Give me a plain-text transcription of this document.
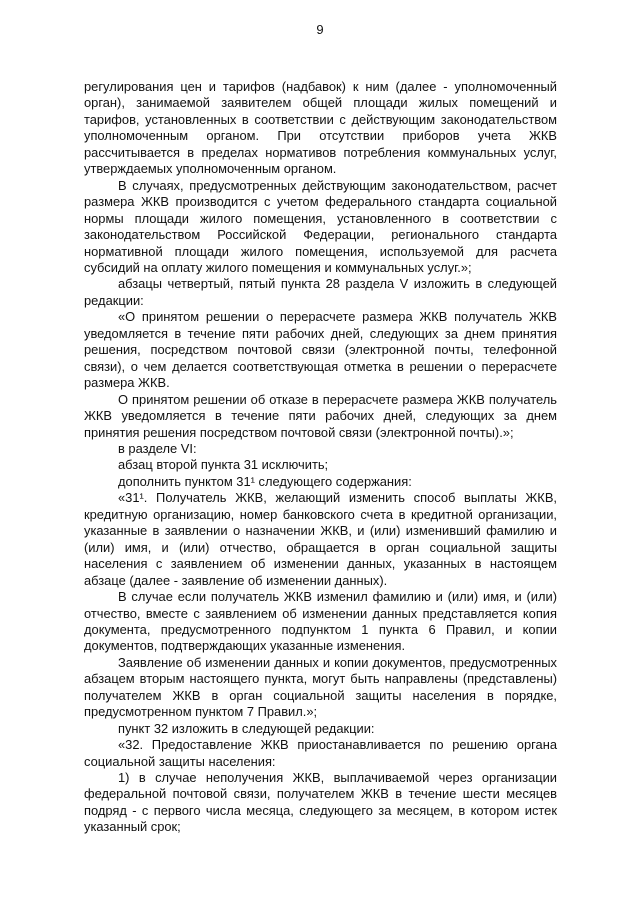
9

регулирования цен и тарифов (надбавок) к ним (далее - уполномоченный орган), занимаемой заявителем общей площади жилых помещений и тарифов, установленных в соответствии с действующим законодательством уполномоченным органом. При отсутствии приборов учета ЖКВ рассчитывается в пределах нормативов потребления коммунальных услуг, утверждаемых уполномоченным органом.

В случаях, предусмотренных действующим законодательством, расчет размера ЖКВ производится с учетом федерального стандарта социальной нормы площади жилого помещения, установленного в соответствии с законодательством Российской Федерации, регионального стандарта нормативной площади жилого помещения, используемой для расчета субсидий на оплату жилого помещения и коммунальных услуг.»;

абзацы четвертый, пятый пункта 28 раздела V изложить в следующей редакции:

«О принятом решении о перерасчете размера ЖКВ получатель ЖКВ уведомляется в течение пяти рабочих дней, следующих за днем принятия решения, посредством почтовой связи (электронной почты, телефонной связи), о чем делается соответствующая отметка в решении о перерасчете размера ЖКВ.

О принятом решении об отказе в перерасчете размера ЖКВ получатель ЖКВ уведомляется в течение пяти рабочих дней, следующих за днем принятия решения посредством почтовой связи (электронной почты).»;

в разделе VI:

абзац второй пункта 31 исключить;

дополнить пунктом 31¹ следующего содержания:

«31¹. Получатель ЖКВ, желающий изменить способ выплаты ЖКВ, кредитную организацию, номер банковского счета в кредитной организации, указанные в заявлении о назначении ЖКВ, и (или) изменивший фамилию и (или) имя, и (или) отчество, обращается в орган социальной защиты населения с заявлением об изменении данных, указанных в настоящем абзаце (далее - заявление об изменении данных).

В случае если получатель ЖКВ изменил фамилию и (или) имя, и (или) отчество, вместе с заявлением об изменении данных представляется копия документа, предусмотренного подпунктом 1 пункта 6 Правил, и копии документов, подтверждающих указанные изменения.

Заявление об изменении данных и копии документов, предусмотренных абзацем вторым настоящего пункта, могут быть направлены (представлены) получателем ЖКВ в орган социальной защиты населения в порядке, предусмотренном пунктом 7 Правил.»;

пункт 32 изложить в следующей редакции:

«32. Предоставление ЖКВ приостанавливается по решению органа социальной защиты населения:

1) в случае неполучения ЖКВ, выплачиваемой через организации федеральной почтовой связи, получателем ЖКВ в течение шести месяцев подряд - с первого числа месяца, следующего за месяцем, в котором истек указанный срок;
